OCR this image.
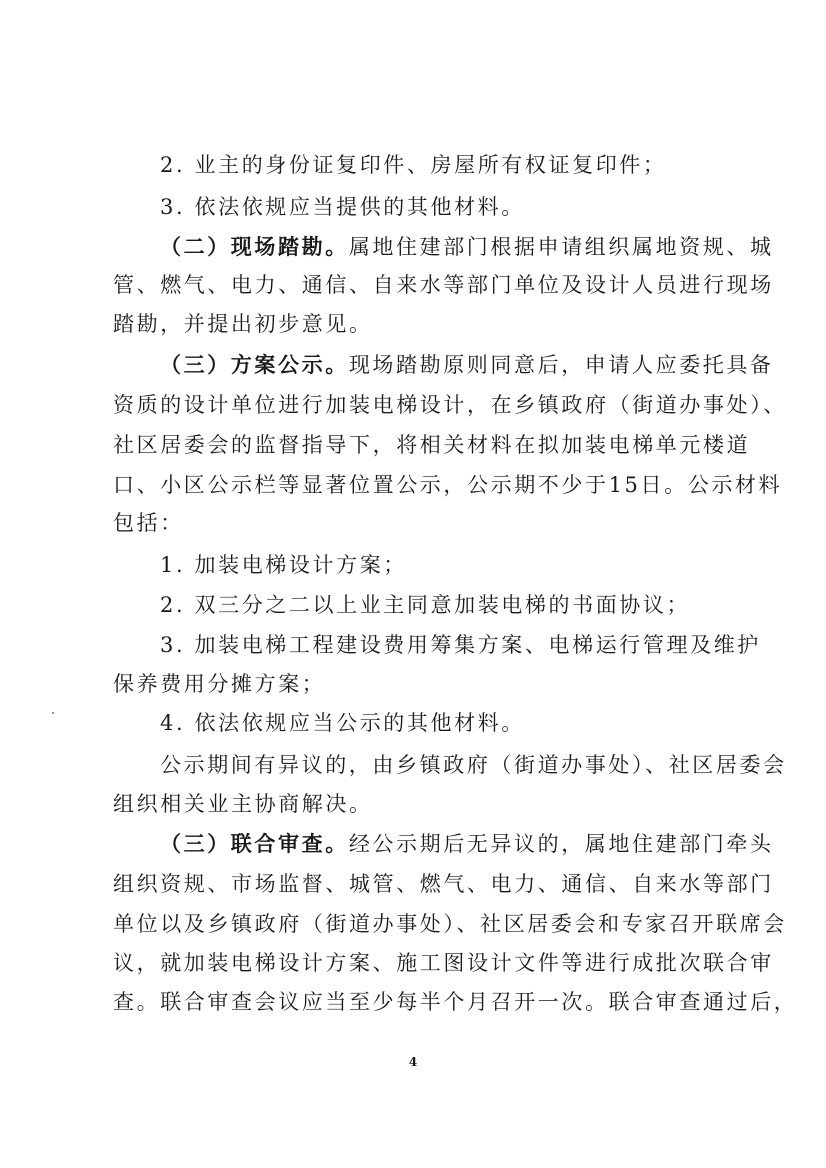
2. 业主的身份证复印件、房屋所有权证复印件；
3. 依法依规应当提供的其他材料。
（二）现场踏勘。属地住建部门根据申请组织属地资规、城
管、燃气、电力、通信、自来水等部门单位及设计人员进行现场
踏勘，并提出初步意见。
（三）方案公示。现场踏勘原则同意后，申请人应委托具备
资质的设计单位进行加装电梯设计，在乡镇政府（街道办事处）、
社区居委会的监督指导下，将相关材料在拟加装电梯单元楼道
口、小区公示栏等显著位置公示，公示期不少于15日。公示材料
包括：
1. 加装电梯设计方案；
2. 双三分之二以上业主同意加装电梯的书面协议；
3. 加装电梯工程建设费用筹集方案、电梯运行管理及维护
保养费用分摊方案；
4. 依法依规应当公示的其他材料。
公示期间有异议的，由乡镇政府（街道办事处）、社区居委会
组织相关业主协商解决。
（三）联合审查。经公示期后无异议的，属地住建部门牵头
组织资规、市场监督、城管、燃气、电力、通信、自来水等部门
单位以及乡镇政府（街道办事处）、社区居委会和专家召开联席会
议，就加装电梯设计方案、施工图设计文件等进行成批次联合审
查。联合审查会议应当至少每半个月召开一次。联合审查通过后，
4
